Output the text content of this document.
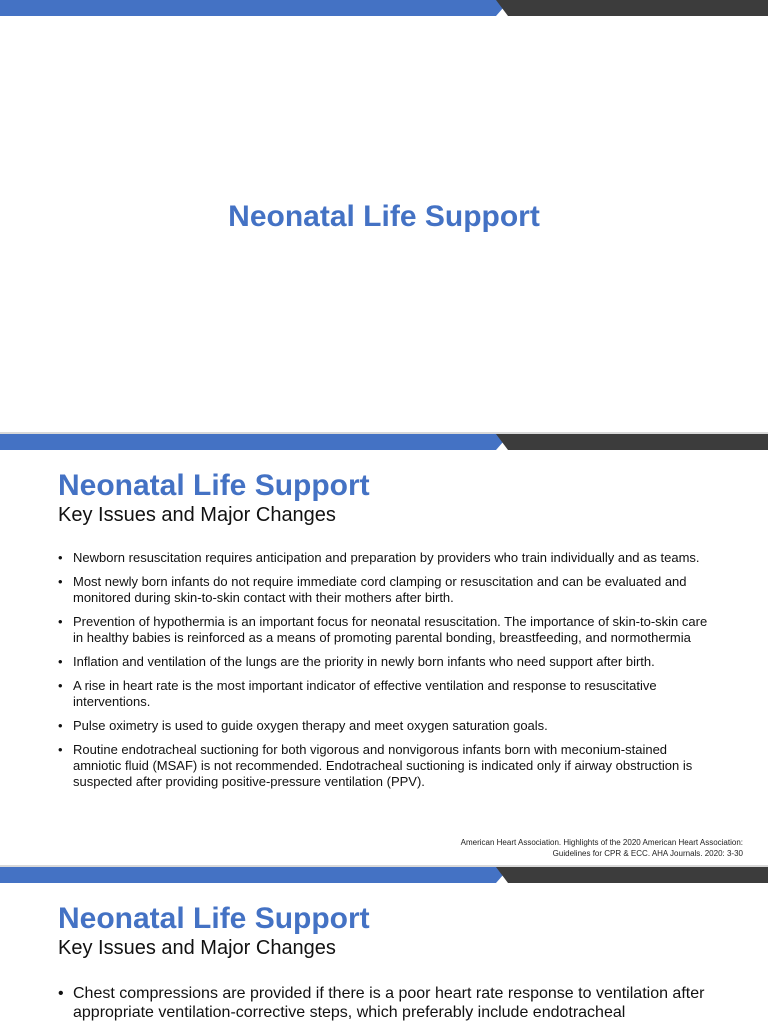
Neonatal Life Support
Neonatal Life Support
Key Issues and Major Changes
• Newborn resuscitation requires anticipation and preparation by providers who train individually and as teams.
• Most newly born infants do not require immediate cord clamping or resuscitation and can be evaluated and monitored during skin-to-skin contact with their mothers after birth.
• Prevention of hypothermia is an important focus for neonatal resuscitation. The importance of skin-to-skin care in healthy babies is reinforced as a means of promoting parental bonding, breastfeeding, and normothermia
• Inflation and ventilation of the lungs are the priority in newly born infants who need support after birth.
• A rise in heart rate is the most important indicator of effective ventilation and response to resuscitative interventions.
• Pulse oximetry is used to guide oxygen therapy and meet oxygen saturation goals.
• Routine endotracheal suctioning for both vigorous and nonvigorous infants born with meconium-stained amniotic fluid (MSAF) is not recommended. Endotracheal suctioning is indicated only if airway obstruction is suspected after providing positive-pressure ventilation (PPV).
American Heart Association. Highlights of the 2020 American Heart Association:
Guidelines for CPR & ECC. AHA Journals. 2020: 3-30
Neonatal Life Support
Key Issues and Major Changes
• Chest compressions are provided if there is a poor heart rate response to ventilation after appropriate ventilation-corrective steps, which preferably include endotracheal
